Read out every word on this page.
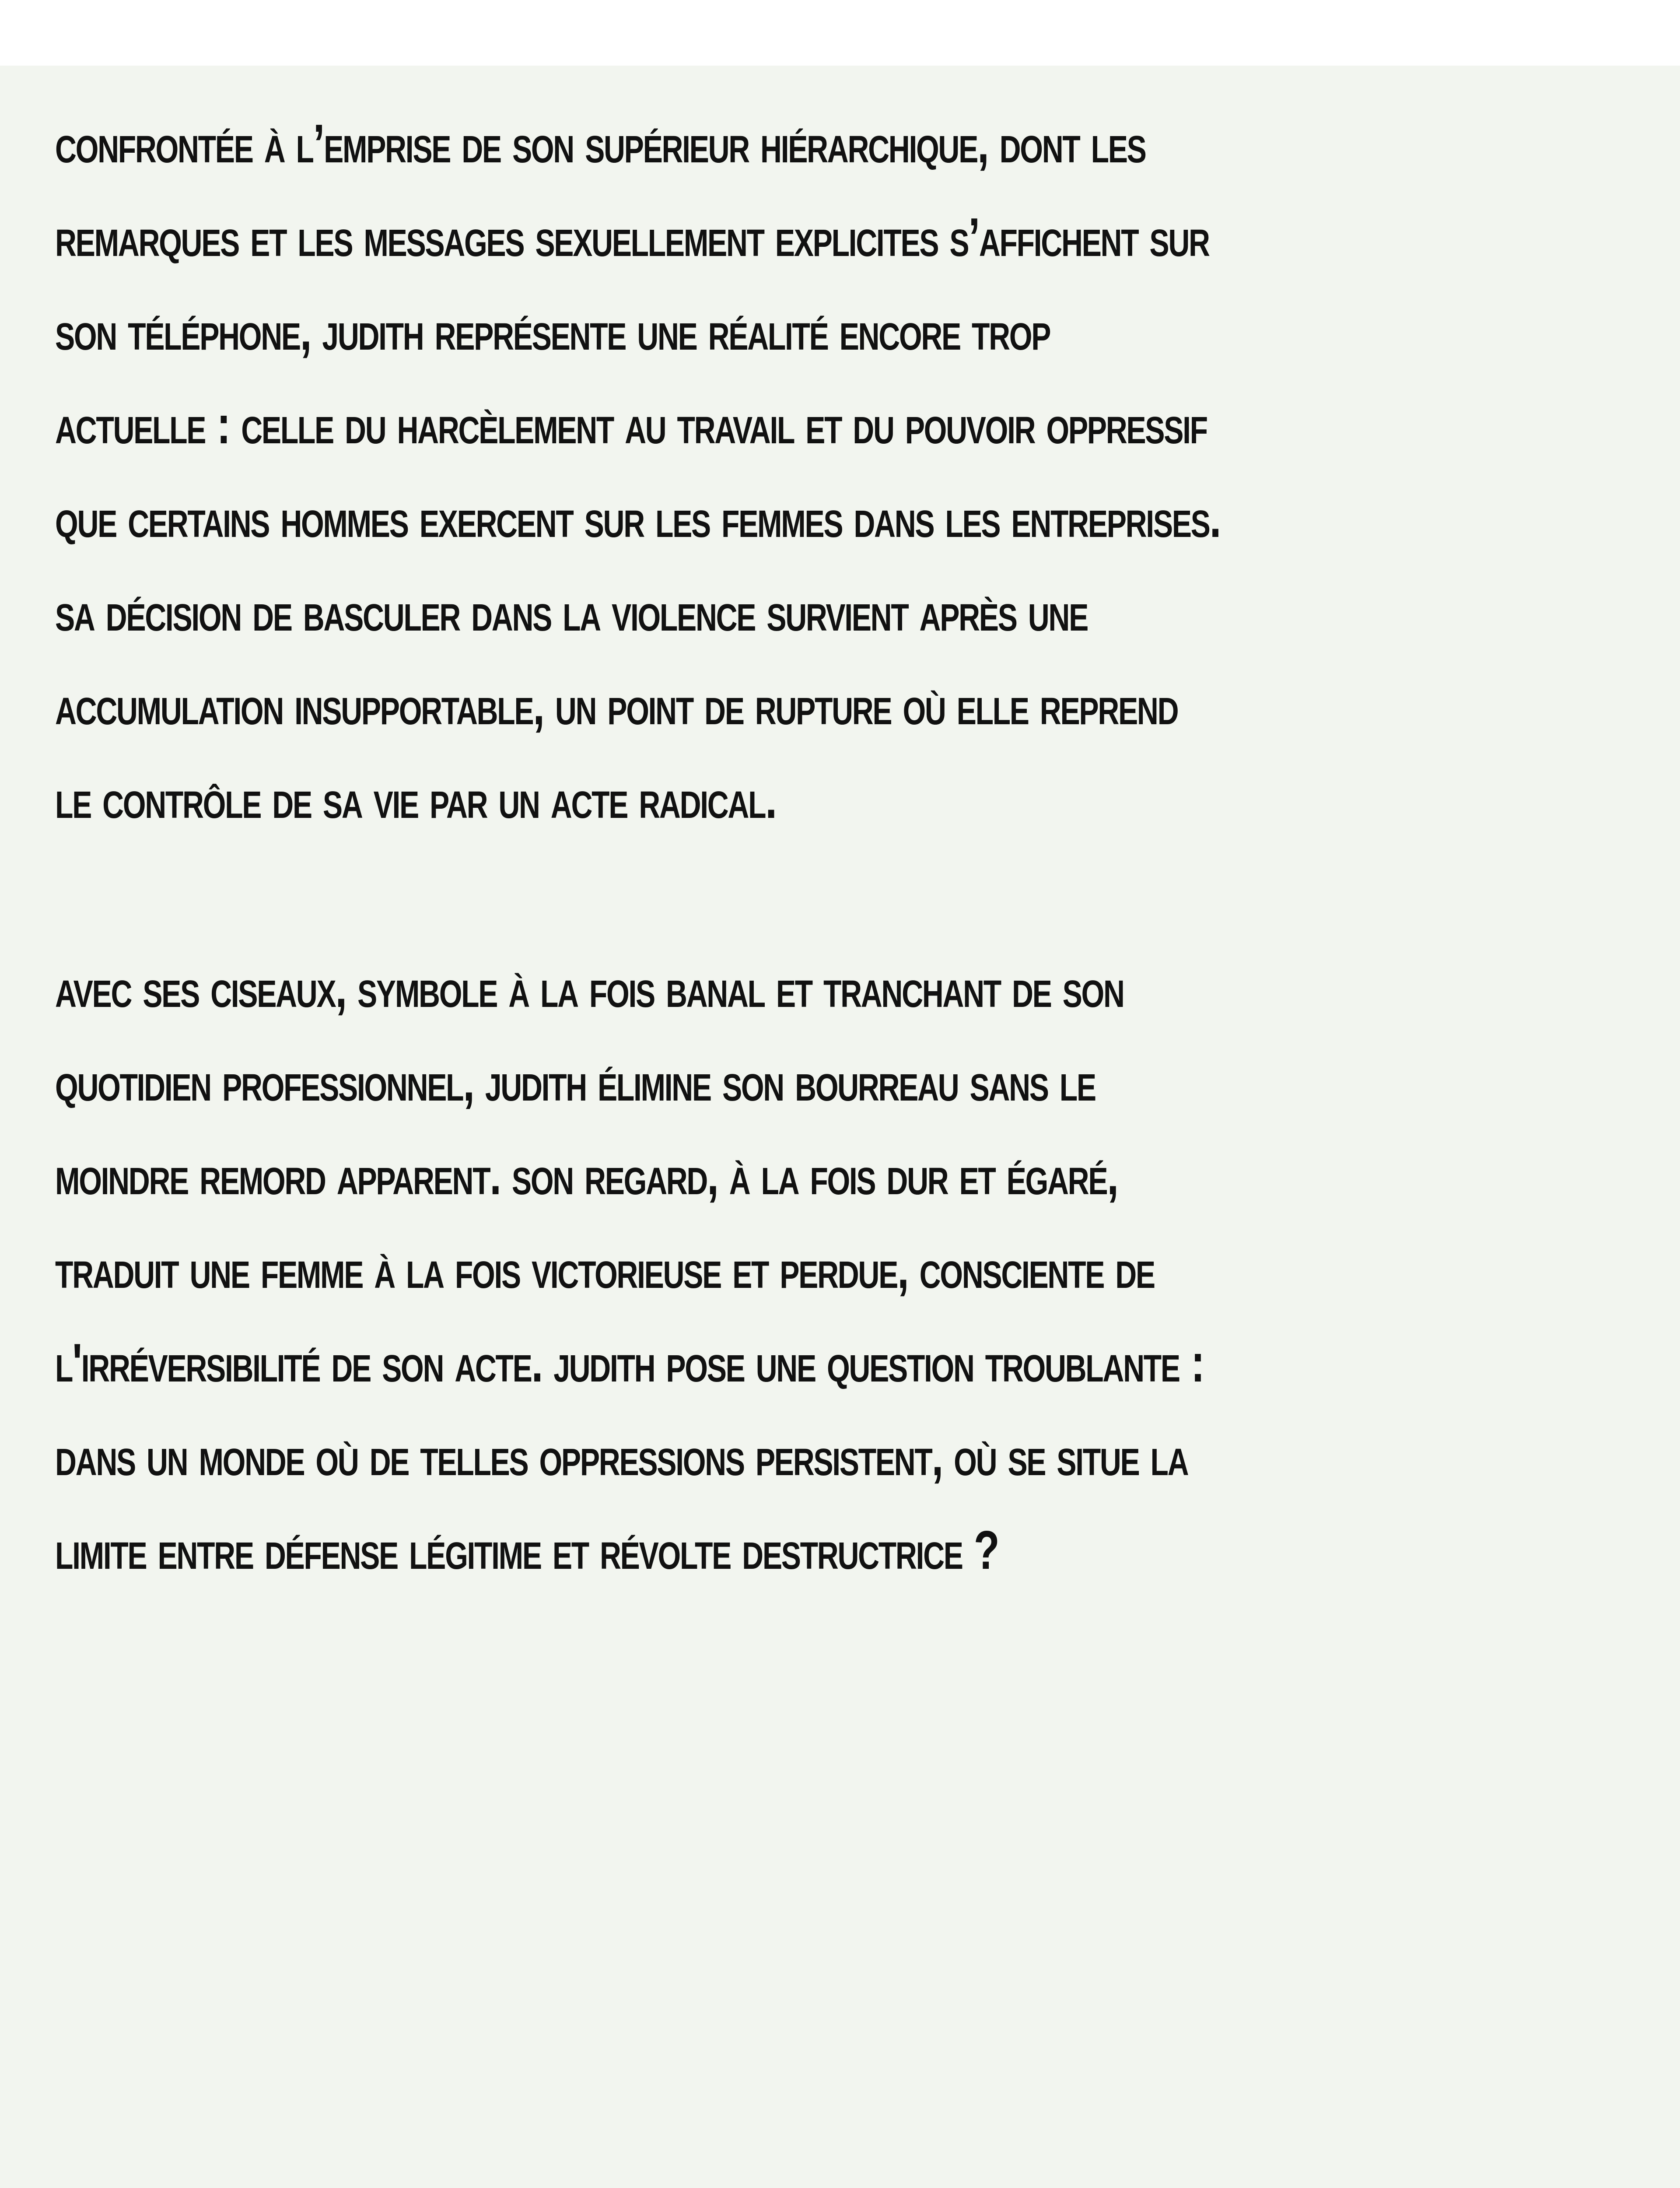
confrontée à l’emprise de son supérieur hiérarchique, dont les
remarques et les messages sexuellement explicites s’affichent sur
son téléphone, judith représente une réalité encore trop
actuelle : celle du harcèlement au travail et du pouvoir oppressif
que certains hommes exercent sur les femmes dans les entreprises.
sa décision de basculer dans la violence survient après une
accumulation insupportable, un point de rupture où elle reprend
le contrôle de sa vie par un acte radical.
avec ses ciseaux, symbole à la fois banal et tranchant de son
quotidien professionnel, judith élimine son bourreau sans le
moindre remord apparent. son regard, à la fois dur et égaré,
traduit une femme à la fois victorieuse et perdue, consciente de
l'irréversibilité de son acte. judith pose une question troublante :
dans un monde où de telles oppressions persistent, où se situe la
limite entre défense légitime et révolte destructrice ?
